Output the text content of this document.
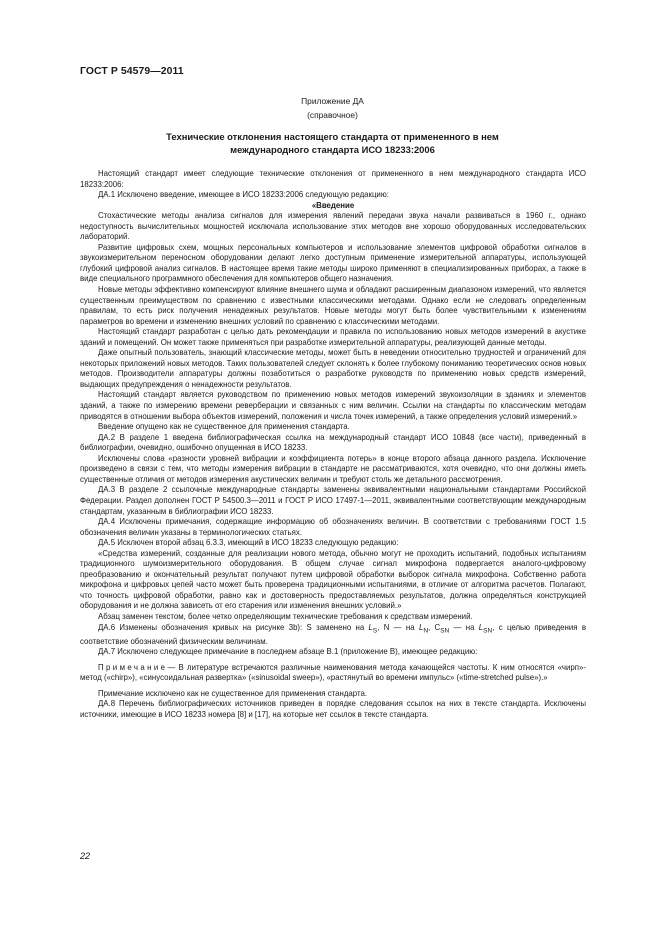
ГОСТ Р 54579—2011
Приложение ДА
(справочное)
Технические отклонения настоящего стандарта от примененного в нем
международного стандарта ИСО 18233:2006

Настоящий стандарт имеет следующие технические отклонения от примененного в нем международного стандарта ИСО 18233:2006:

ДА.1 Исключено введение, имеющее в ИСО 18233:2006 следующую редакцию:

«Введение

Стохастические методы анализа сигналов для измерения явлений передачи звука начали развиваться в 1960 г., однако недоступность вычислительных мощностей исключала использование этих методов вне хорошо оборудованных исследовательских лабораторий.

Развитие цифровых схем, мощных персональных компьютеров и использование элементов цифровой обработки сигналов в звукоизмерительном переносном оборудовании делают легко доступным применение измерительной аппаратуры, использующей глубокий цифровой анализ сигналов. В настоящее время такие методы широко применяют в специализированных приборах, а также в виде специального программного обеспечения для компьютеров общего назначения.

Новые методы эффективно компенсируют влияние внешнего шума и обладают расширенным диапазоном измерений, что является существенным преимуществом по сравнению с известными классическими методами. Однако если не следовать определенным правилам, то есть риск получения ненадежных результатов. Новые методы могут быть более чувствительными к изменениям параметров во времени и изменению внешних условий по сравнению с классическими методами.

Настоящий стандарт разработан с целью дать рекомендации и правила по использованию новых методов измерений в акустике зданий и помещений. Он может также применяться при разработке измерительной аппаратуры, реализующей данные методы.

Даже опытный пользователь, знающий классические методы, может быть в неведении относительно трудностей и ограничений для некоторых приложений новых методов. Таких пользователей следует склонять к более глубокому пониманию теоретических основ новых методов. Производители аппаратуры должны позаботиться о разработке руководств по применению новых средств измерений, выдающих предупреждения о ненадежности результатов.

Настоящий стандарт является руководством по применению новых методов измерений звукоизоляции в зданиях и элементов зданий, а также по измерению времени реверберации и связанных с ним величин. Ссылки на стандарты по классическим методам приводятся в отношении выбора объектов измерений, положения и числа точек измерений, а также определения условий измерений.»

Введение опущено как не существенное для применения стандарта.

ДА.2 В разделе 1 введена библиографическая ссылка на международный стандарт ИСО 10848 (все части), приведенный в библиографии, очевидно, ошибочно опущенная в ИСО 18233.

Исключены слова «разности уровней вибрации и коэффициента потерь» в конце второго абзаца данного раздела. Исключение произведено в связи с тем, что методы измерения вибрации в стандарте не рассматриваются, хотя очевидно, что они должны иметь существенные отличия от методов измерения акустических величин и требуют столь же детального рассмотрения.

ДА.3 В разделе 2 ссылочные международные стандарты заменены эквивалентными национальными стандартами Российской Федерации. Раздел дополнен ГОСТ Р 54500.3—2011 и ГОСТ Р ИСО 17497-1—2011, эквивалентными соответствующим международным стандартам, указанным в библиографии ИСО 18233.

ДА.4 Исключены примечания, содержащие информацию об обозначениях величин. В соответствии с требованиями ГОСТ 1.5 обозначения величин указаны в терминологических статьях.

ДА.5 Исключен второй абзац 6.3.3, имеющий в ИСО 18233 следующую редакцию:

«Средства измерений, созданные для реализации нового метода, обычно могут не проходить испытаний, подобных испытаниям традиционного шумоизмерительного оборудования. В общем случае сигнал микрофона подвергается аналого-цифровому преобразованию и окончательный результат получают путем цифровой обработки выборок сигнала микрофона. Собственно работа микрофона и цифровых цепей часто может быть проверена традиционными испытаниями, в отличие от алгоритма расчетов. Полагают, что точность цифровой обработки, равно как и достоверность предоставляемых результатов, должна определяться конструкцией оборудования и не должна зависеть от его старения или изменения внешних условий.»

Абзац заменен текстом, более четко определяющим технические требования к средствам измерений.

ДА.6 Изменены обозначения кривых на рисунке 3b): S заменено на $L_S$, N — на $L_N$, $C_{SN}$ — на $L_{SN}$, с целью приведения в соответствие обозначений физическим величинам.

ДА.7 Исключено следующее примечание в последнем абзаце В.1 (приложение В), имеющее редакцию:

Примечание— В литературе встречаются различные наименования метода качающейся частоты. К ним относятся «чирп»-метод («chirp»), «синусоидальная развертка» («sinusoidal sweep»), «растянутый во времени импульс» («time-stretched pulse»).»

Примечание исключено как не существенное для применения стандарта.

ДА.8 Перечень библиографических источников приведен в порядке следования ссылок на них в тексте стандарта. Исключены источники, имеющие в ИСО 18233 номера [8] и [17], на которые нет ссылок в тексте стандарта.

22
